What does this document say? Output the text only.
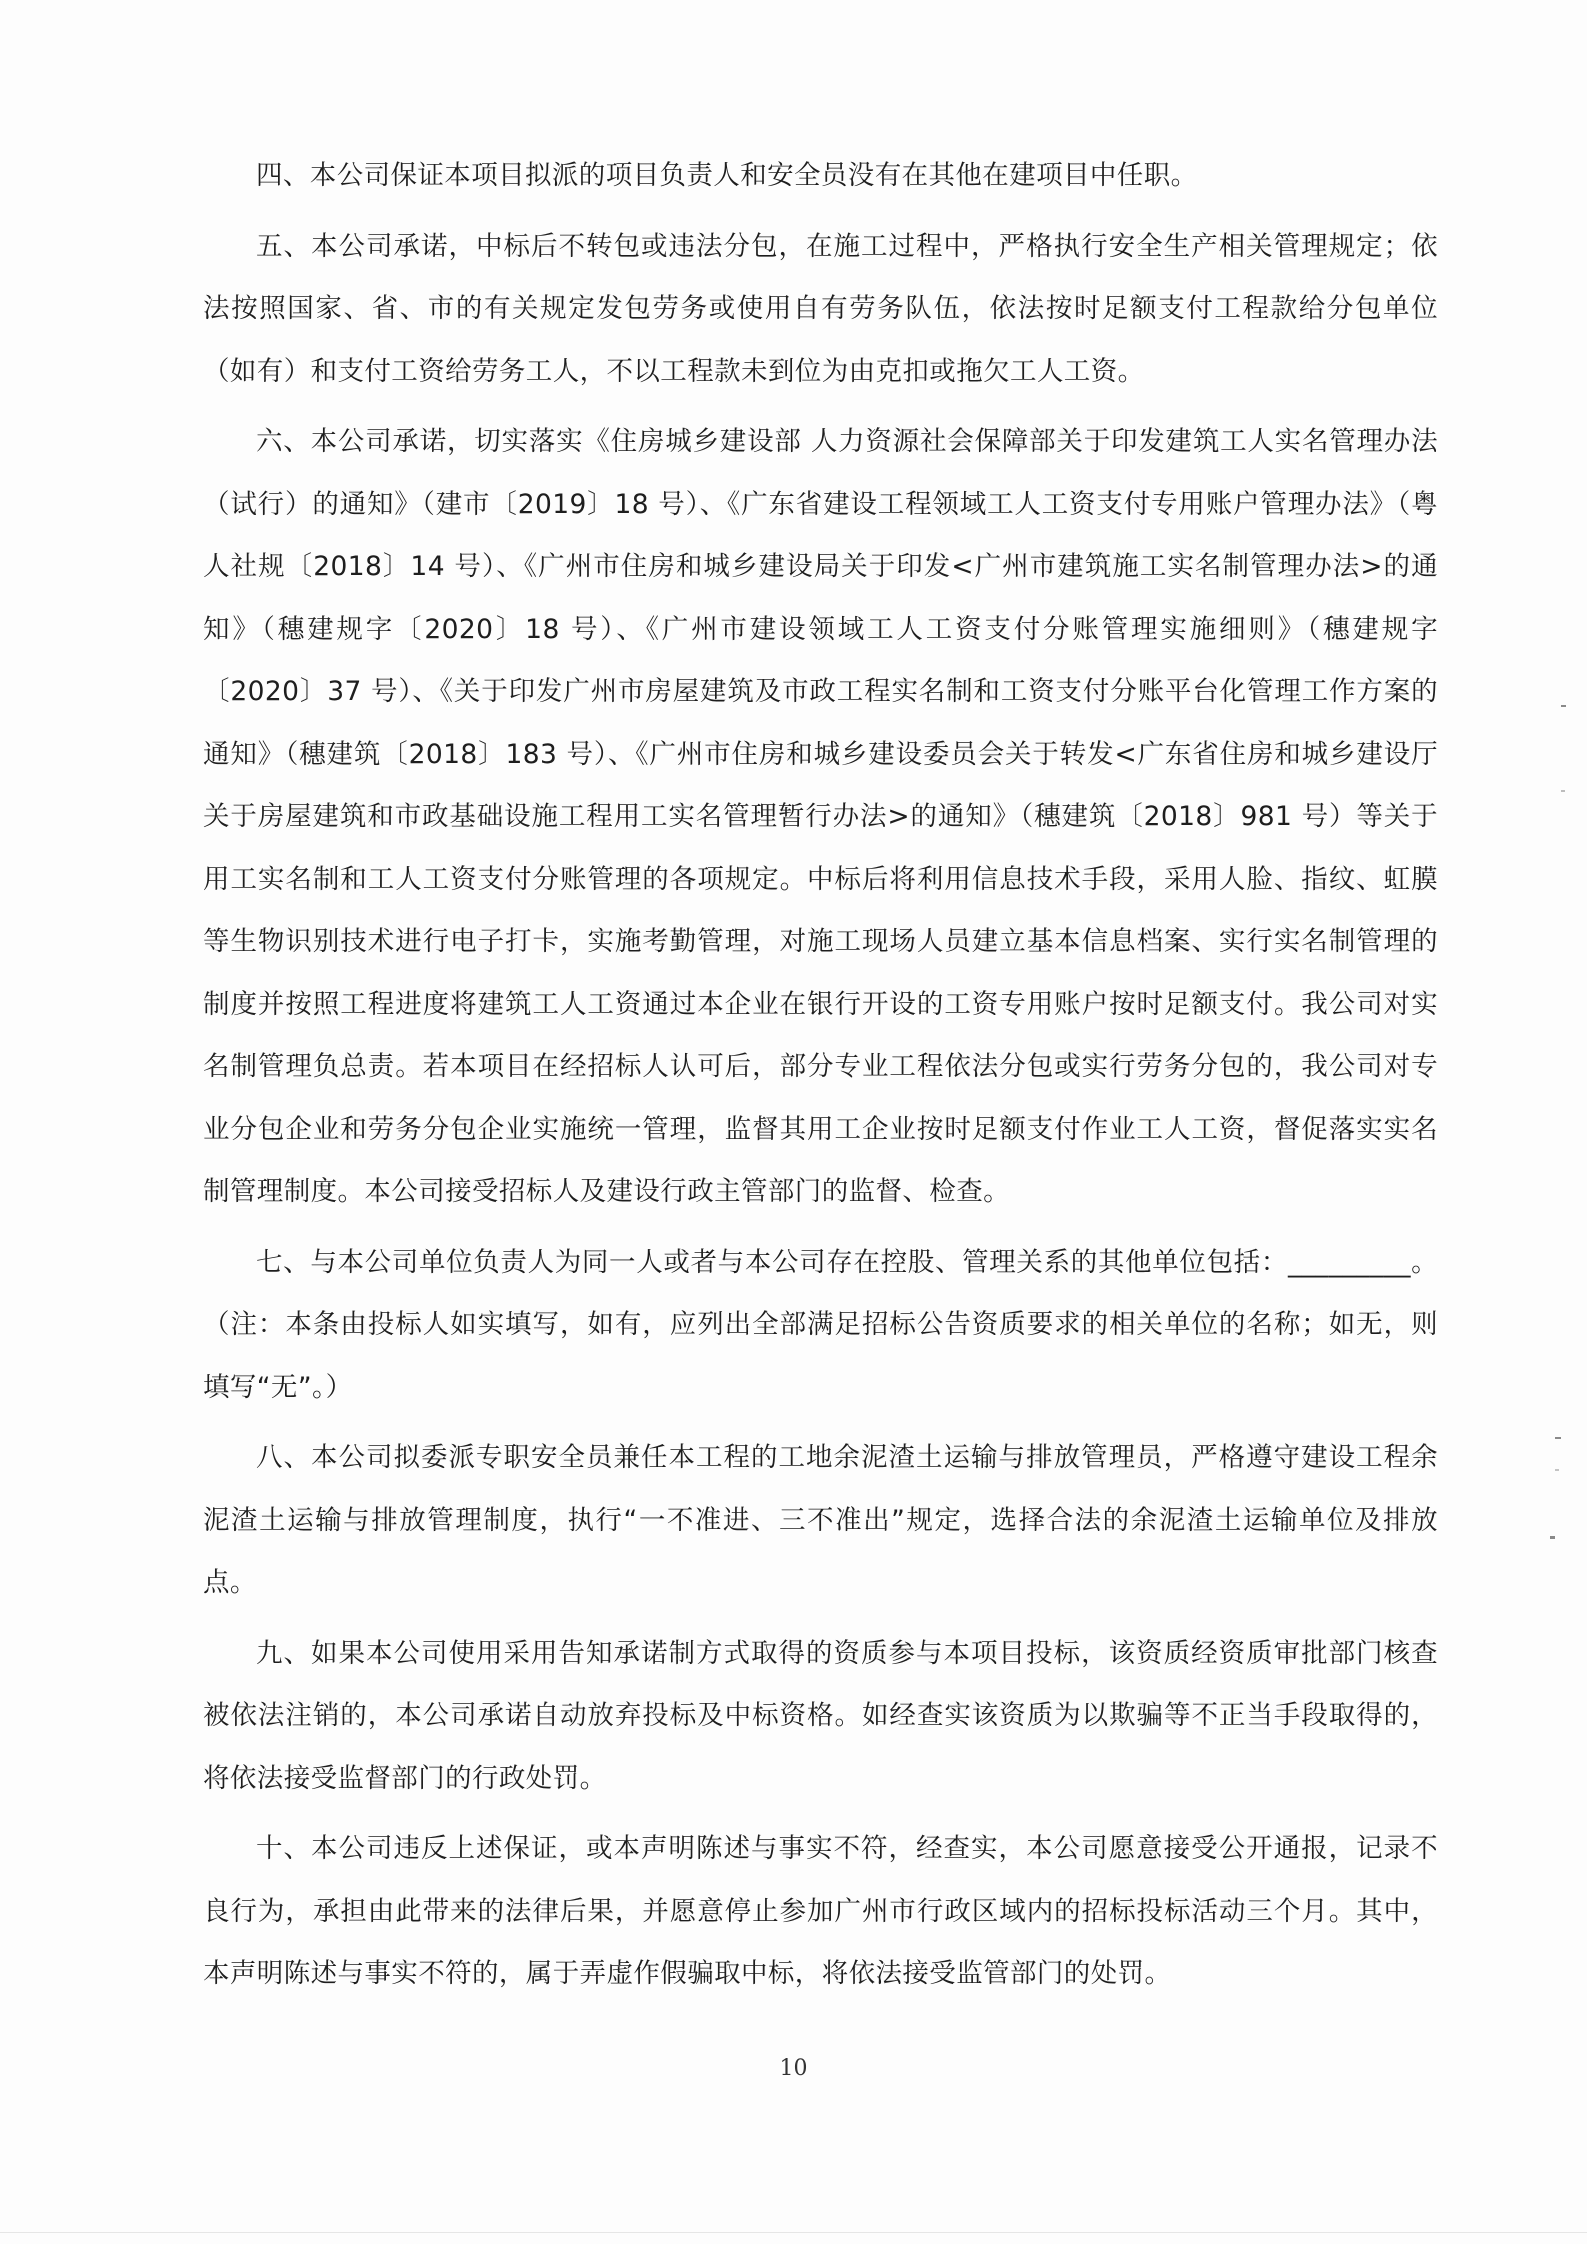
四、本公司保证本项目拟派的项目负责人和安全员没有在其他在建项目中任职。

五、本公司承诺，中标后不转包或违法分包，在施工过程中，严格执行安全生产相关管理规定；依法按照国家、省、市的有关规定发包劳务或使用自有劳务队伍，依法按时足额支付工程款给分包单位（如有）和支付工资给劳务工人，不以工程款未到位为由克扣或拖欠工人工资。

六、本公司承诺，切实落实《住房城乡建设部 人力资源社会保障部关于印发建筑工人实名管理办法（试行）的通知》（建市〔2019〕18 号）、《广东省建设工程领域工人工资支付专用账户管理办法》（粤人社规〔2018〕14 号）、《广州市住房和城乡建设局关于印发<广州市建筑施工实名制管理办法>的通知》（穗建规字〔2020〕18 号）、《广州市建设领域工人工资支付分账管理实施细则》（穗建规字〔2020〕37 号）、《关于印发广州市房屋建筑及市政工程实名制和工资支付分账平台化管理工作方案的通知》（穗建筑〔2018〕183 号）、《广州市住房和城乡建设委员会关于转发<广东省住房和城乡建设厅关于房屋建筑和市政基础设施工程用工实名管理暂行办法>的通知》（穗建筑〔2018〕981 号）等关于用工实名制和工人工资支付分账管理的各项规定。中标后将利用信息技术手段，采用人脸、指纹、虹膜等生物识别技术进行电子打卡，实施考勤管理，对施工现场人员建立基本信息档案、实行实名制管理的制度并按照工程进度将建筑工人工资通过本企业在银行开设的工资专用账户按时足额支付。我公司对实名制管理负总责。若本项目在经招标人认可后，部分专业工程依法分包或实行劳务分包的，我公司对专业分包企业和劳务分包企业实施统一管理，监督其用工企业按时足额支付作业工人工资，督促落实实名制管理制度。本公司接受招标人及建设行政主管部门的监督、检查。

七、与本公司单位负责人为同一人或者与本公司存在控股、管理关系的其他单位包括：_________。（注：本条由投标人如实填写，如有，应列出全部满足招标公告资质要求的相关单位的名称；如无，则填写“无”。）

八、本公司拟委派专职安全员兼任本工程的工地余泥渣土运输与排放管理员，严格遵守建设工程余泥渣土运输与排放管理制度，执行“一不准进、三不准出”规定，选择合法的余泥渣土运输单位及排放点。

九、如果本公司使用采用告知承诺制方式取得的资质参与本项目投标，该资质经资质审批部门核查被依法注销的，本公司承诺自动放弃投标及中标资格。如经查实该资质为以欺骗等不正当手段取得的，将依法接受监督部门的行政处罚。

十、本公司违反上述保证，或本声明陈述与事实不符，经查实，本公司愿意接受公开通报，记录不良行为，承担由此带来的法律后果，并愿意停止参加广州市行政区域内的招标投标活动三个月。其中，本声明陈述与事实不符的，属于弄虚作假骗取中标，将依法接受监管部门的处罚。

10
